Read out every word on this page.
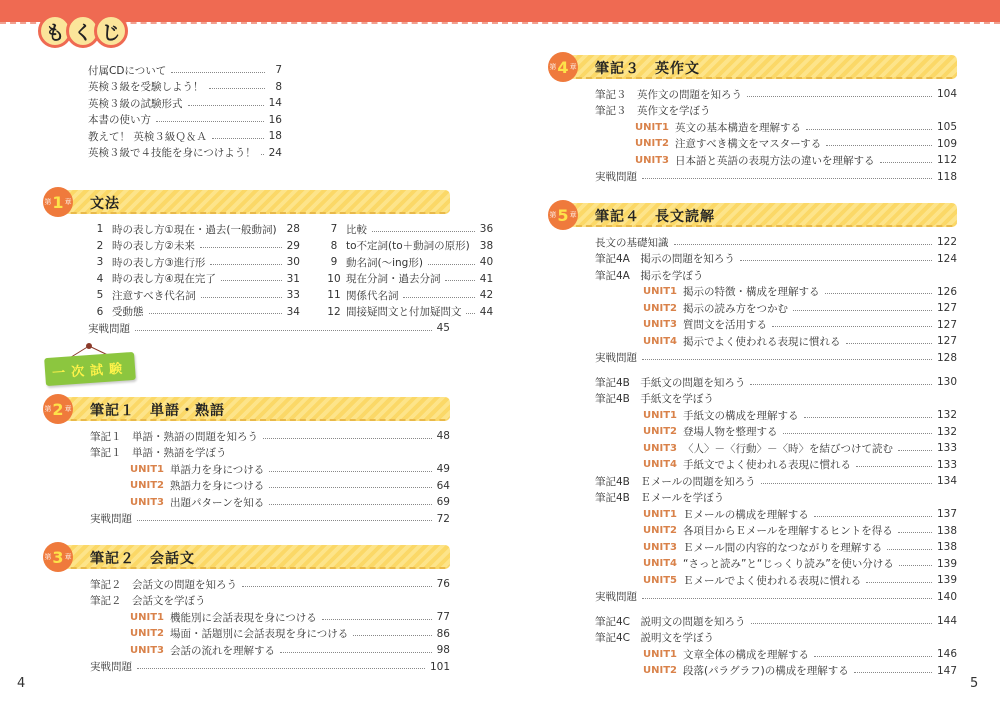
も く じ
付属CDについて	7
英検３級を受験しよう！	8
英検３級の試験形式	14
本書の使い方	16
教えて！ 英検３級Ｑ＆Ａ	18
英検３級で４技能を身につけよう！ 24
文法
第 1 章
1 時の表し方①現在・過去(一般動詞) 28	7 比較	36
2 時の表し方②未来	29	8 to不定詞(to＋動詞の原形) 38
3 時の表し方③進行形	30	9 動名詞(～ing形)	40
4 時の表し方④現在完了	31	10 現在分詞・過去分詞	41
5 注意すべき代名詞	33	11 関係代名詞	42
6 受動態	34	12 間接疑問文と付加疑問文 44
実戦問題	45
一次試験
筆記１　単語・熟語
第 2 章
筆記１　単語・熟語の問題を知ろう	48
筆記１　単語・熟語を学ぼう
UNIT1 単語力を身につける	49
UNIT2 熟語力を身につける	64
UNIT3 出題パターンを知る	69
実戦問題	72
筆記２　会話文
第 3 章
筆記２　会話文の問題を知ろう	76
筆記２　会話文を学ぼう
UNIT1 機能別に会話表現を身につける	77
UNIT2 場面・話題別に会話表現を身につける	86
UNIT3 会話の流れを理解する	98
実戦問題	101
筆記３　英作文
第 4 章
筆記３　英作文の問題を知ろう	104
筆記３　英作文を学ぼう
UNIT1 英文の基本構造を理解する	105
UNIT2 注意すべき構文をマスターする	109
UNIT3 日本語と英語の表現方法の違いを理解する	112
実戦問題	118
筆記４　長文読解
第 5 章
長文の基礎知識	122
筆記4A　掲示の問題を知ろう	124
筆記4A　掲示を学ぼう
UNIT1 掲示の特徴・構成を理解する	126
UNIT2 掲示の読み方をつかむ	127
UNIT3 質問文を活用する	127
UNIT4 掲示でよく使われる表現に慣れる	127
実戦問題	128
筆記4B　手紙文の問題を知ろう	130
筆記4B　手紙文を学ぼう
UNIT1 手紙文の構成を理解する	132
UNIT2 登場人物を整理する	132
UNIT3 〈人〉－〈行動〉－〈時〉を結びつけて読む	133
UNIT4 手紙文でよく使われる表現に慣れる	133
筆記4B　Ｅメールの問題を知ろう	134
筆記4B　Ｅメールを学ぼう
UNIT1 Ｅメールの構成を理解する	137
UNIT2 各項目からＥメールを理解するヒントを得る	138
UNIT3 Ｅメール間の内容的なつながりを理解する	138
UNIT4 “さっと読み”と“じっくり読み”を使い分ける	139
UNIT5 Ｅメールでよく使われる表現に慣れる	139
実戦問題	140
筆記4C　説明文の問題を知ろう	144
筆記4C　説明文を学ぼう
UNIT1 文章全体の構成を理解する	146
UNIT2 段落(パラグラフ)の構成を理解する	147
4	5
